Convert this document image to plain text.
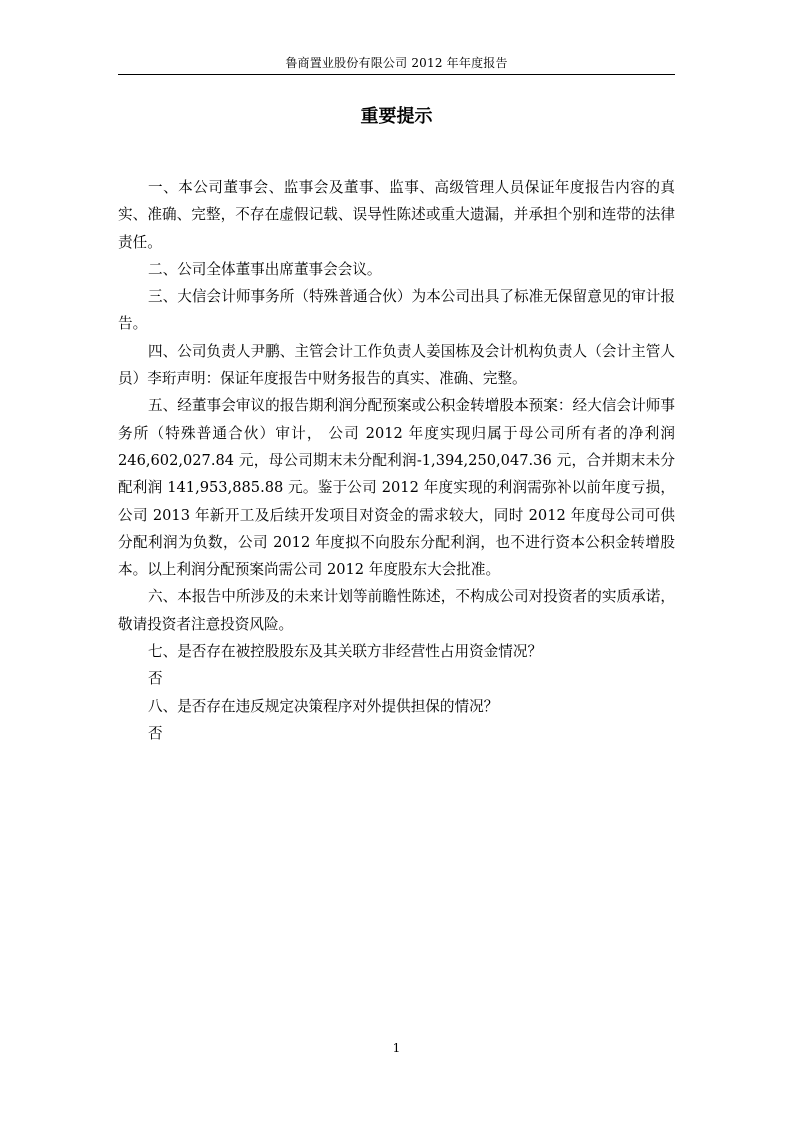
鲁商置业股份有限公司 2012 年年度报告
重要提示

一、本公司董事会、监事会及董事、监事、高级管理人员保证年度报告内容的真实、准确、完整，不存在虚假记载、误导性陈述或重大遗漏，并承担个别和连带的法律责任。

二、公司全体董事出席董事会会议。

三、大信会计师事务所（特殊普通合伙）为本公司出具了标准无保留意见的审计报告。

四、公司负责人尹鹏、主管会计工作负责人姜国栋及会计机构负责人（会计主管人员）李珩声明：保证年度报告中财务报告的真实、准确、完整。

五、经董事会审议的报告期利润分配预案或公积金转增股本预案：经大信会计师事务所（特殊普通合伙）审计， 公司 2012 年度实现归属于母公司所有者的净利润 246,602,027.84 元，母公司期末未分配利润-1,394,250,047.36 元，合并期末未分配利润 141,953,885.88 元。鉴于公司 2012 年度实现的利润需弥补以前年度亏损，公司 2013 年新开工及后续开发项目对资金的需求较大，同时 2012 年度母公司可供分配利润为负数，公司 2012 年度拟不向股东分配利润，也不进行资本公积金转增股本。以上利润分配预案尚需公司 2012 年度股东大会批准。

六、本报告中所涉及的未来计划等前瞻性陈述，不构成公司对投资者的实质承诺，敬请投资者注意投资风险。

七、是否存在被控股股东及其关联方非经营性占用资金情况？

否

八、是否存在违反规定决策程序对外提供担保的情况？

否

1
